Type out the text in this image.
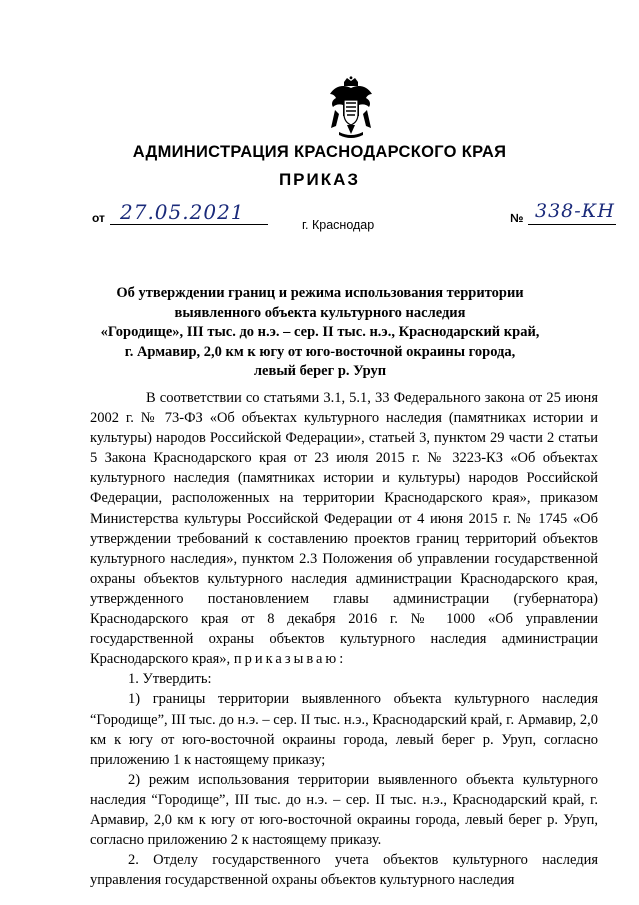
АДМИНИСТРАЦИЯ КРАСНОДАРСКОГО КРАЯ
ПРИКАЗ
от 27.05.2021
г. Краснодар	№ 338-КН
Об утверждении границ и режима использования территории
выявленного объекта культурного наследия
«Городище», III тыс. до н.э. – сер. II тыс. н.э., Краснодарский край,
г. Армавир, 2,0 км к югу от юго-восточной окраины города,
левый берег р. Уруп

В соответствии со статьями 3.1, 5.1, 33 Федерального закона от 25 июня 2002 г. № 73-ФЗ «Об объектах культурного наследия (памятниках истории и культуры) народов Российской Федерации», статьей 3, пунктом 29 части 2 статьи 5 Закона Краснодарского края от 23 июля 2015 г. № 3223-КЗ «Об объектах культурного наследия (памятниках истории и культуры) народов Российской Федерации, расположенных на территории Краснодарского края», приказом Министерства культуры Российской Федерации от 4 июня 2015 г. № 1745 «Об утверждении требований к составлению проектов границ территорий объектов культурного наследия», пунктом 2.3 Положения об управлении государственной охраны объектов культурного наследия администрации Краснодарского края, утвержденного постановлением главы администрации (губернатора) Краснодарского края от 8 декабря 2016 г. № 1000 «Об управлении государственной охраны объектов культурного наследия администрации Краснодарского края», приказываю:

1. Утвердить:

1) границы территории выявленного объекта культурного наследия “Городище”, III тыс. до н.э. – сер. II тыс. н.э., Краснодарский край, г. Армавир, 2,0 км к югу от юго-восточной окраины города, левый берег р. Уруп, согласно приложению 1 к настоящему приказу;

2) режим использования территории выявленного объекта культурного наследия “Городище”, III тыс. до н.э. – сер. II тыс. н.э., Краснодарский край, г. Армавир, 2,0 км к югу от юго-восточной окраины города, левый берег р. Уруп, согласно приложению 2 к настоящему приказу.

2. Отделу государственного учета объектов культурного наследия управления государственной охраны объектов культурного наследия
